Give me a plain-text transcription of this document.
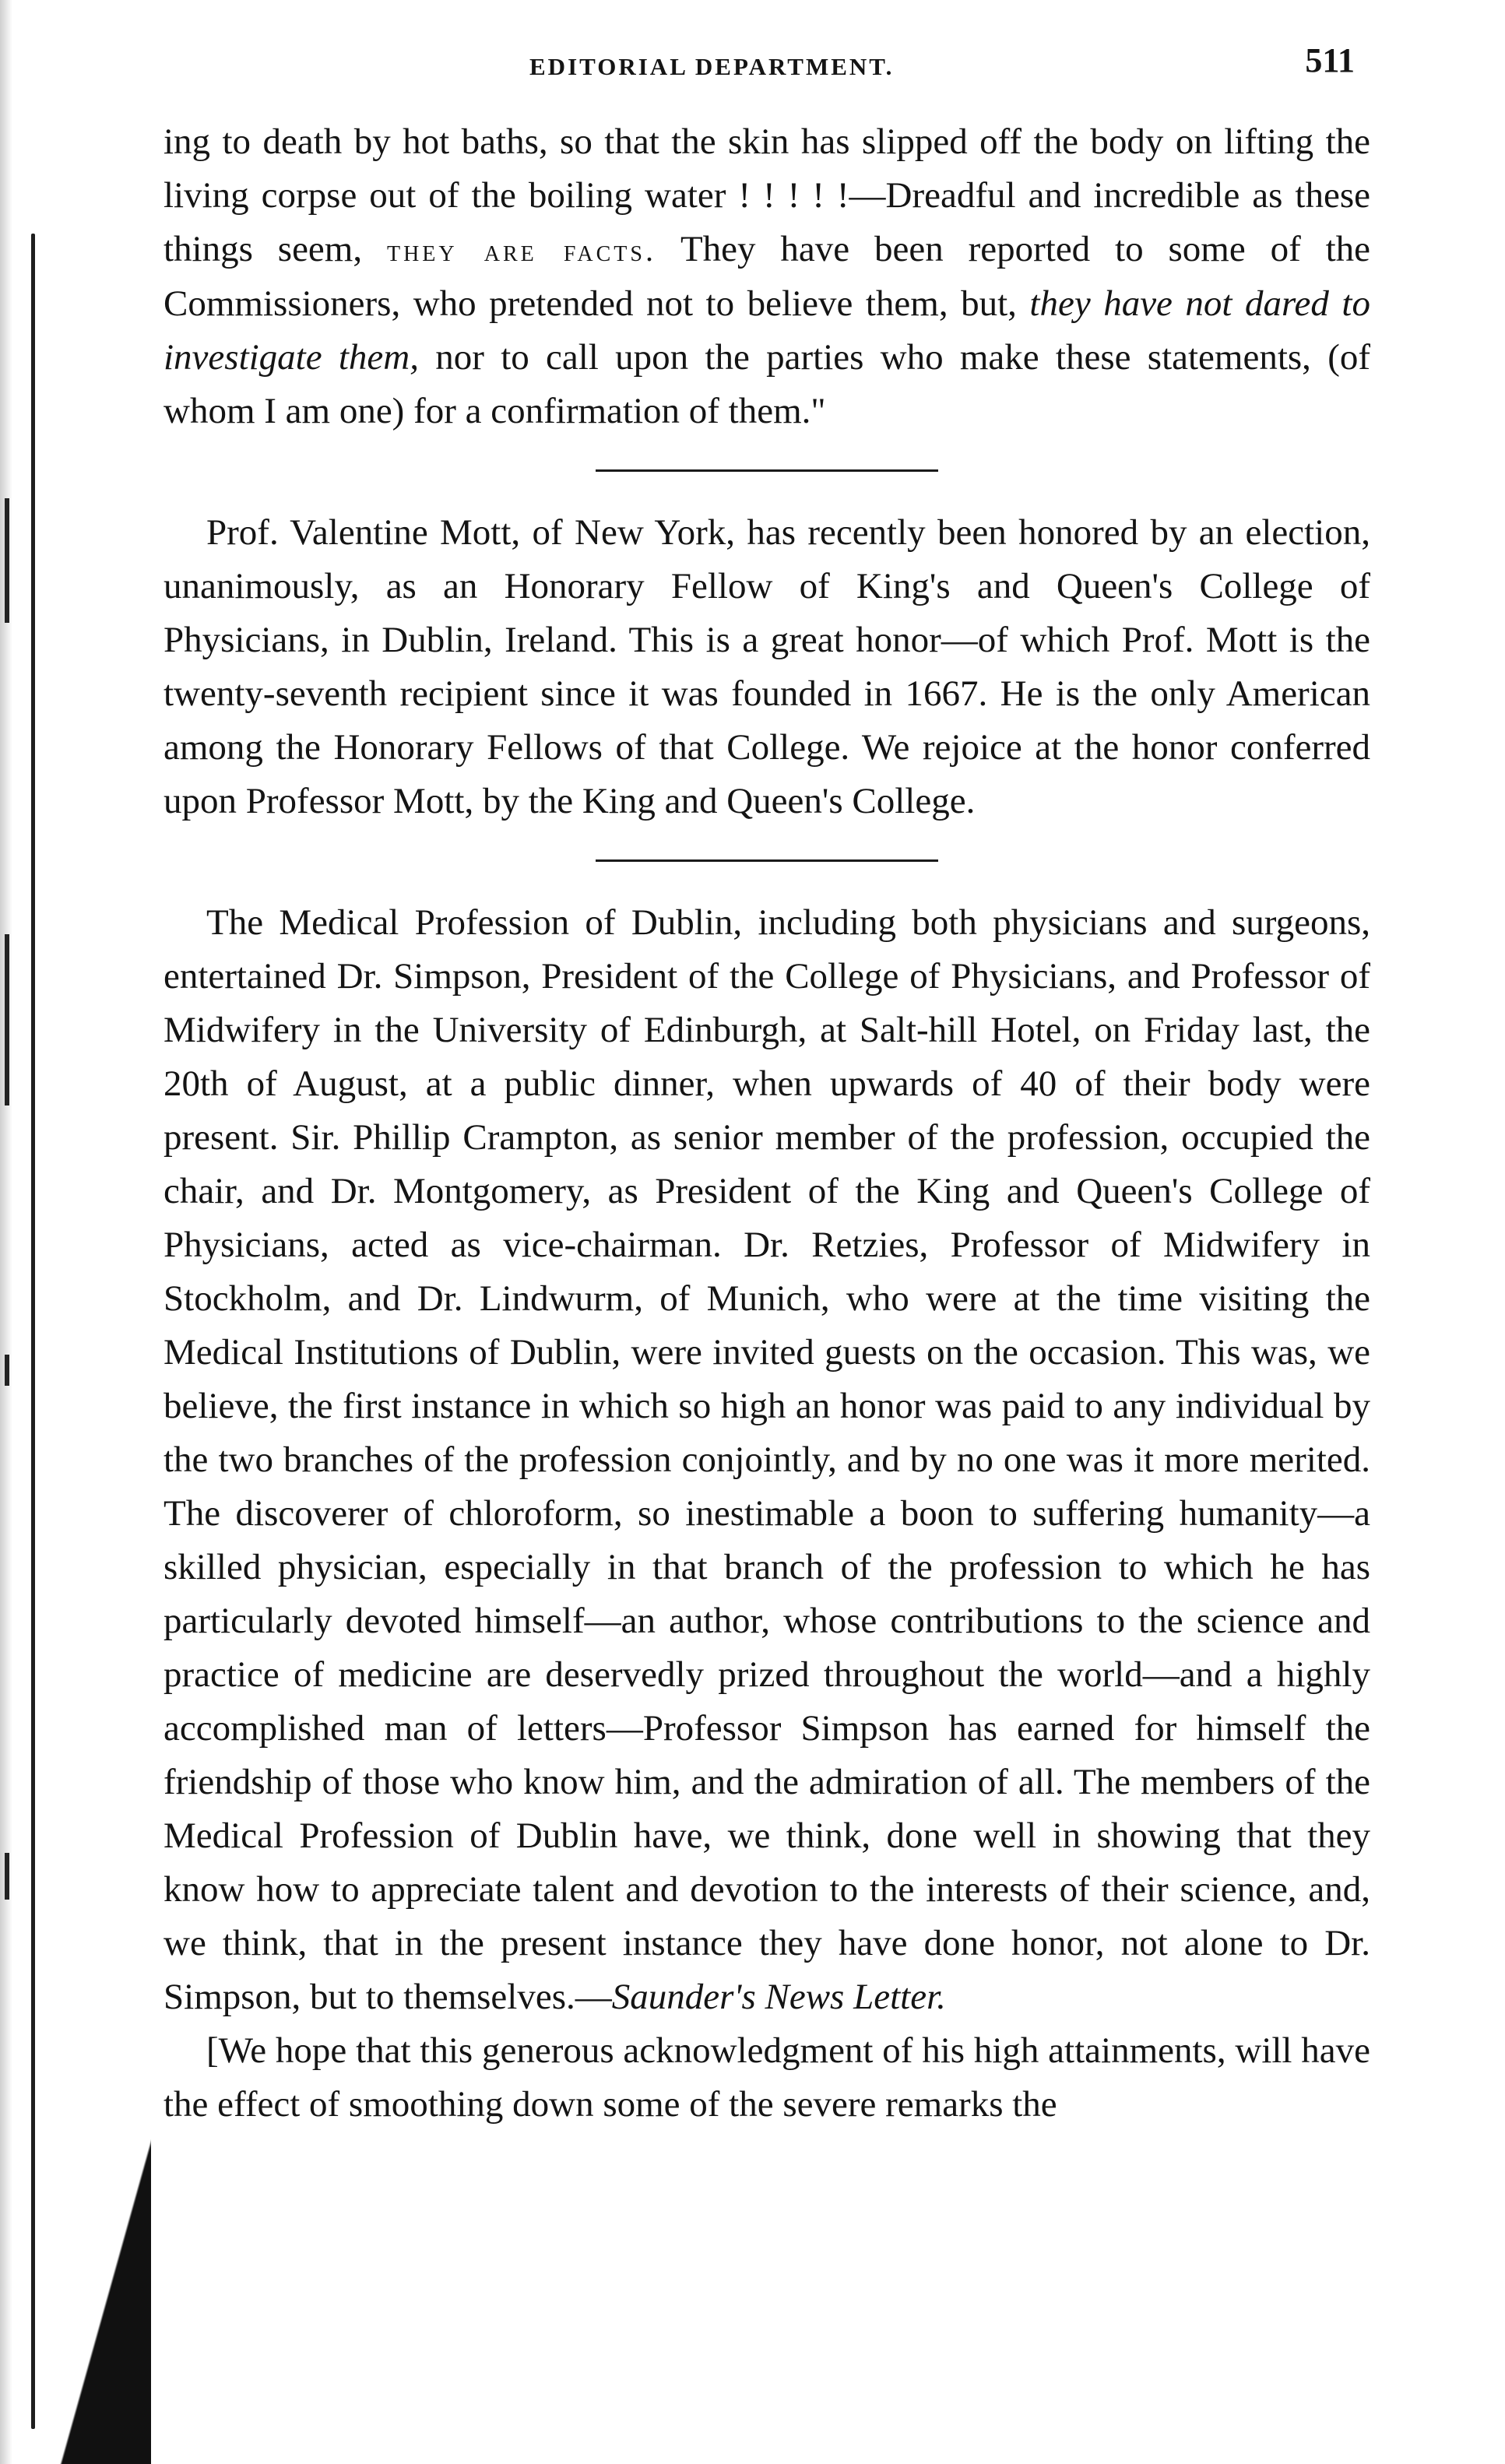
EDITORIAL DEPARTMENT.	511

ing to death by hot baths, so that the skin has slipped off the body on lifting the living corpse out of the boiling water ! ! ! ! !—Dreadful and incredible as these things seem, they are facts. They have been reported to some of the Commissioners, who pretended not to believe them, but, they have not dared to investigate them, nor to call upon the parties who make these statements, (of whom I am one) for a confirmation of them."

Prof. Valentine Mott, of New York, has recently been honored by an election, unanimously, as an Honorary Fellow of King's and Queen's College of Physicians, in Dublin, Ireland. This is a great honor—of which Prof. Mott is the twenty-seventh recipient since it was founded in 1667. He is the only American among the Honorary Fellows of that College. We rejoice at the honor conferred upon Professor Mott, by the King and Queen's College.

The Medical Profession of Dublin, including both physicians and surgeons, entertained Dr. Simpson, President of the College of Physicians, and Professor of Midwifery in the University of Edinburgh, at Salt-hill Hotel, on Friday last, the 20th of August, at a public dinner, when upwards of 40 of their body were present. Sir. Phillip Crampton, as senior member of the profession, occupied the chair, and Dr. Montgomery, as President of the King and Queen's College of Physicians, acted as vice-chairman. Dr. Retzies, Professor of Midwifery in Stockholm, and Dr. Lindwurm, of Munich, who were at the time visiting the Medical Institutions of Dublin, were invited guests on the occasion. This was, we believe, the first instance in which so high an honor was paid to any individual by the two branches of the profession conjointly, and by no one was it more merited. The discoverer of chloroform, so inestimable a boon to suffering humanity—a skilled physician, especially in that branch of the profession to which he has particularly devoted himself—an author, whose contributions to the science and practice of medicine are deservedly prized throughout the world—and a highly accomplished man of letters—Professor Simpson has earned for himself the friendship of those who know him, and the admiration of all. The members of the Medical Profession of Dublin have, we think, done well in showing that they know how to appreciate talent and devotion to the interests of their science, and, we think, that in the present instance they have done honor, not alone to Dr. Simpson, but to themselves.—Saunder's News Letter.

[We hope that this generous acknowledgment of his high attainments, will have the effect of smoothing down some of the severe remarks the
